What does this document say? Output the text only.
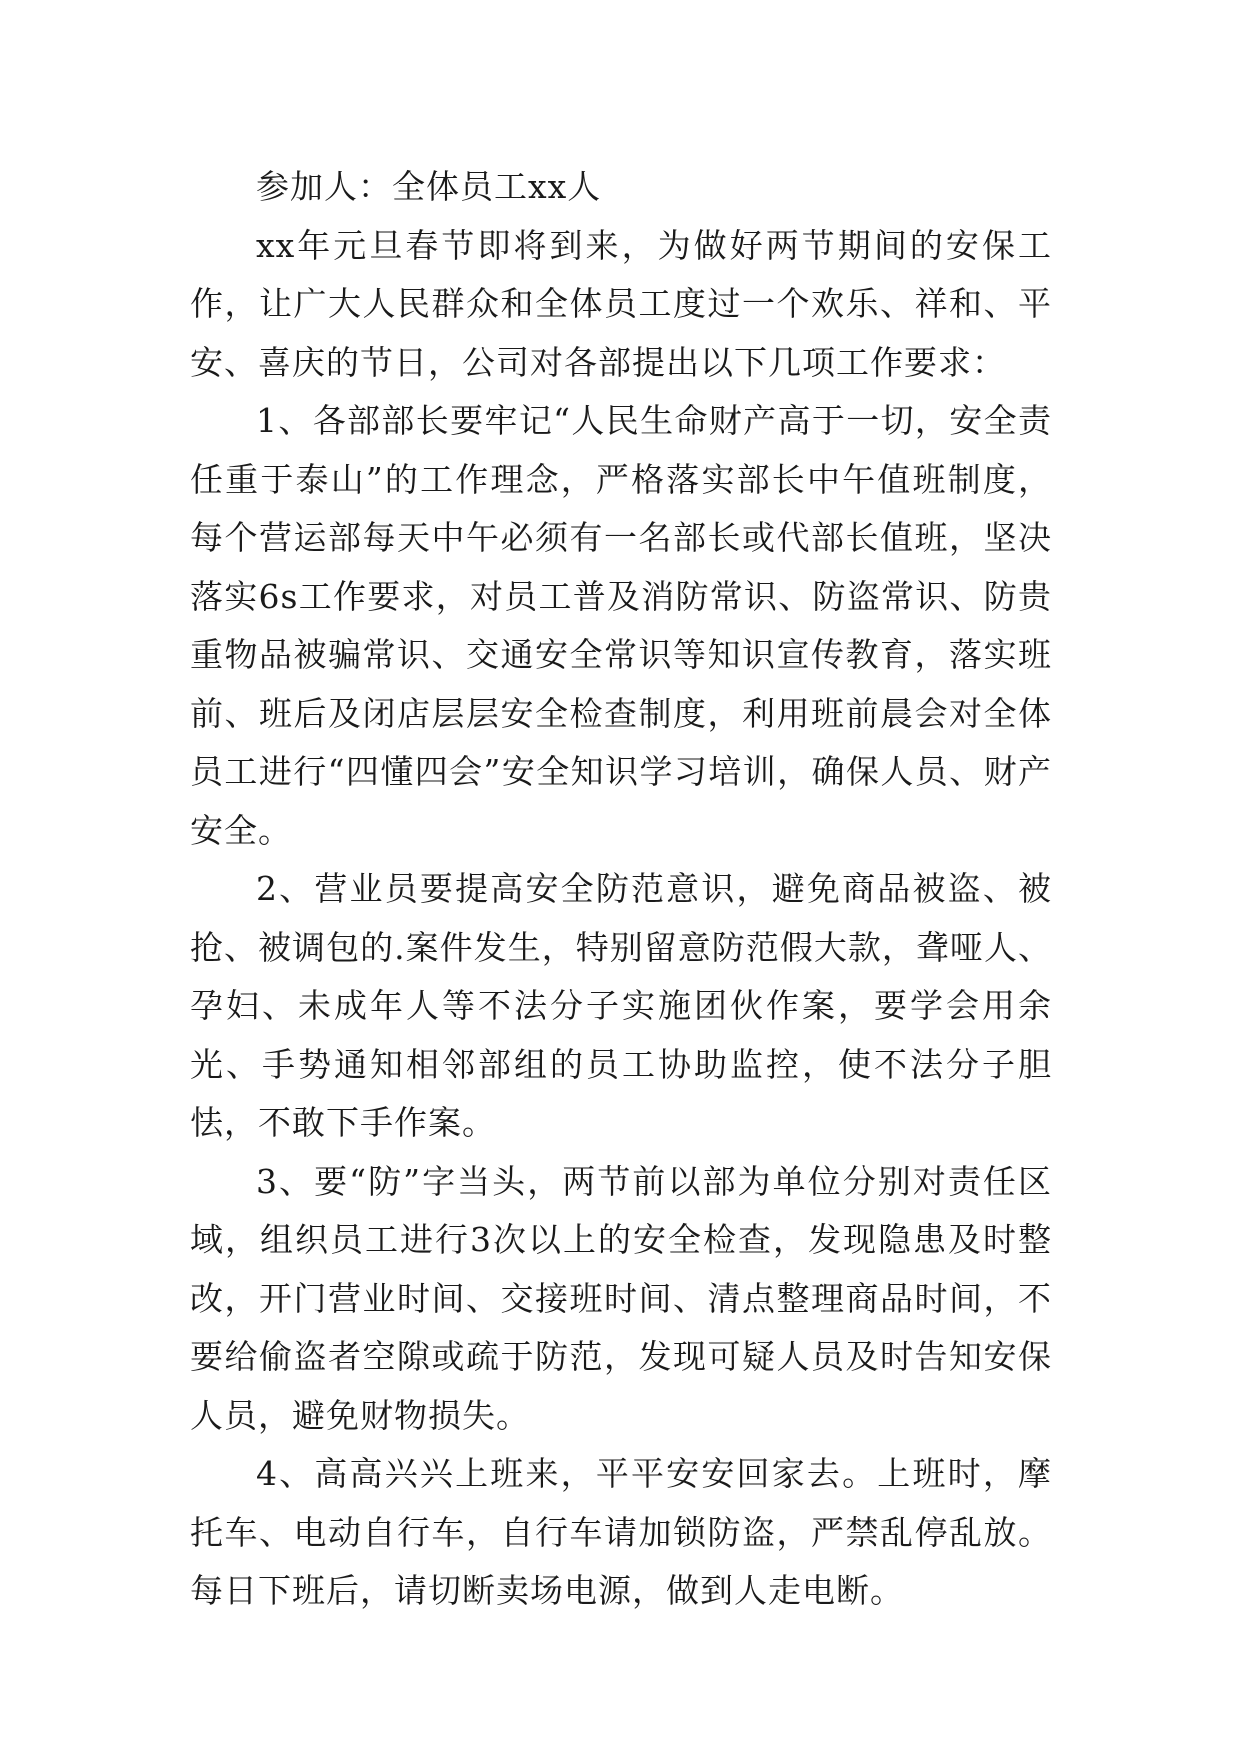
参加人：全体员工xx人

xx年元旦春节即将到来，为做好两节期间的安保工作，让广大人民群众和全体员工度过一个欢乐、祥和、平安、喜庆的节日，公司对各部提出以下几项工作要求：

1、各部部长要牢记“人民生命财产高于一切，安全责任重于泰山”的工作理念，严格落实部长中午值班制度，每个营运部每天中午必须有一名部长或代部长值班，坚决落实6s工作要求，对员工普及消防常识、防盗常识、防贵重物品被骗常识、交通安全常识等知识宣传教育，落实班前、班后及闭店层层安全检查制度，利用班前晨会对全体员工进行“四懂四会”安全知识学习培训，确保人员、财产安全。

2、营业员要提高安全防范意识，避免商品被盗、被抢、被调包的.案件发生，特别留意防范假大款，聋哑人、孕妇、未成年人等不法分子实施团伙作案，要学会用余光、手势通知相邻部组的员工协助监控，使不法分子胆怯，不敢下手作案。

3、要“防”字当头，两节前以部为单位分别对责任区域，组织员工进行3次以上的安全检查，发现隐患及时整改，开门营业时间、交接班时间、清点整理商品时间，不要给偷盗者空隙或疏于防范，发现可疑人员及时告知安保人员，避免财物损失。

4、高高兴兴上班来，平平安安回家去。上班时，摩托车、电动自行车，自行车请加锁防盗，严禁乱停乱放。每日下班后，请切断卖场电源，做到人走电断。
